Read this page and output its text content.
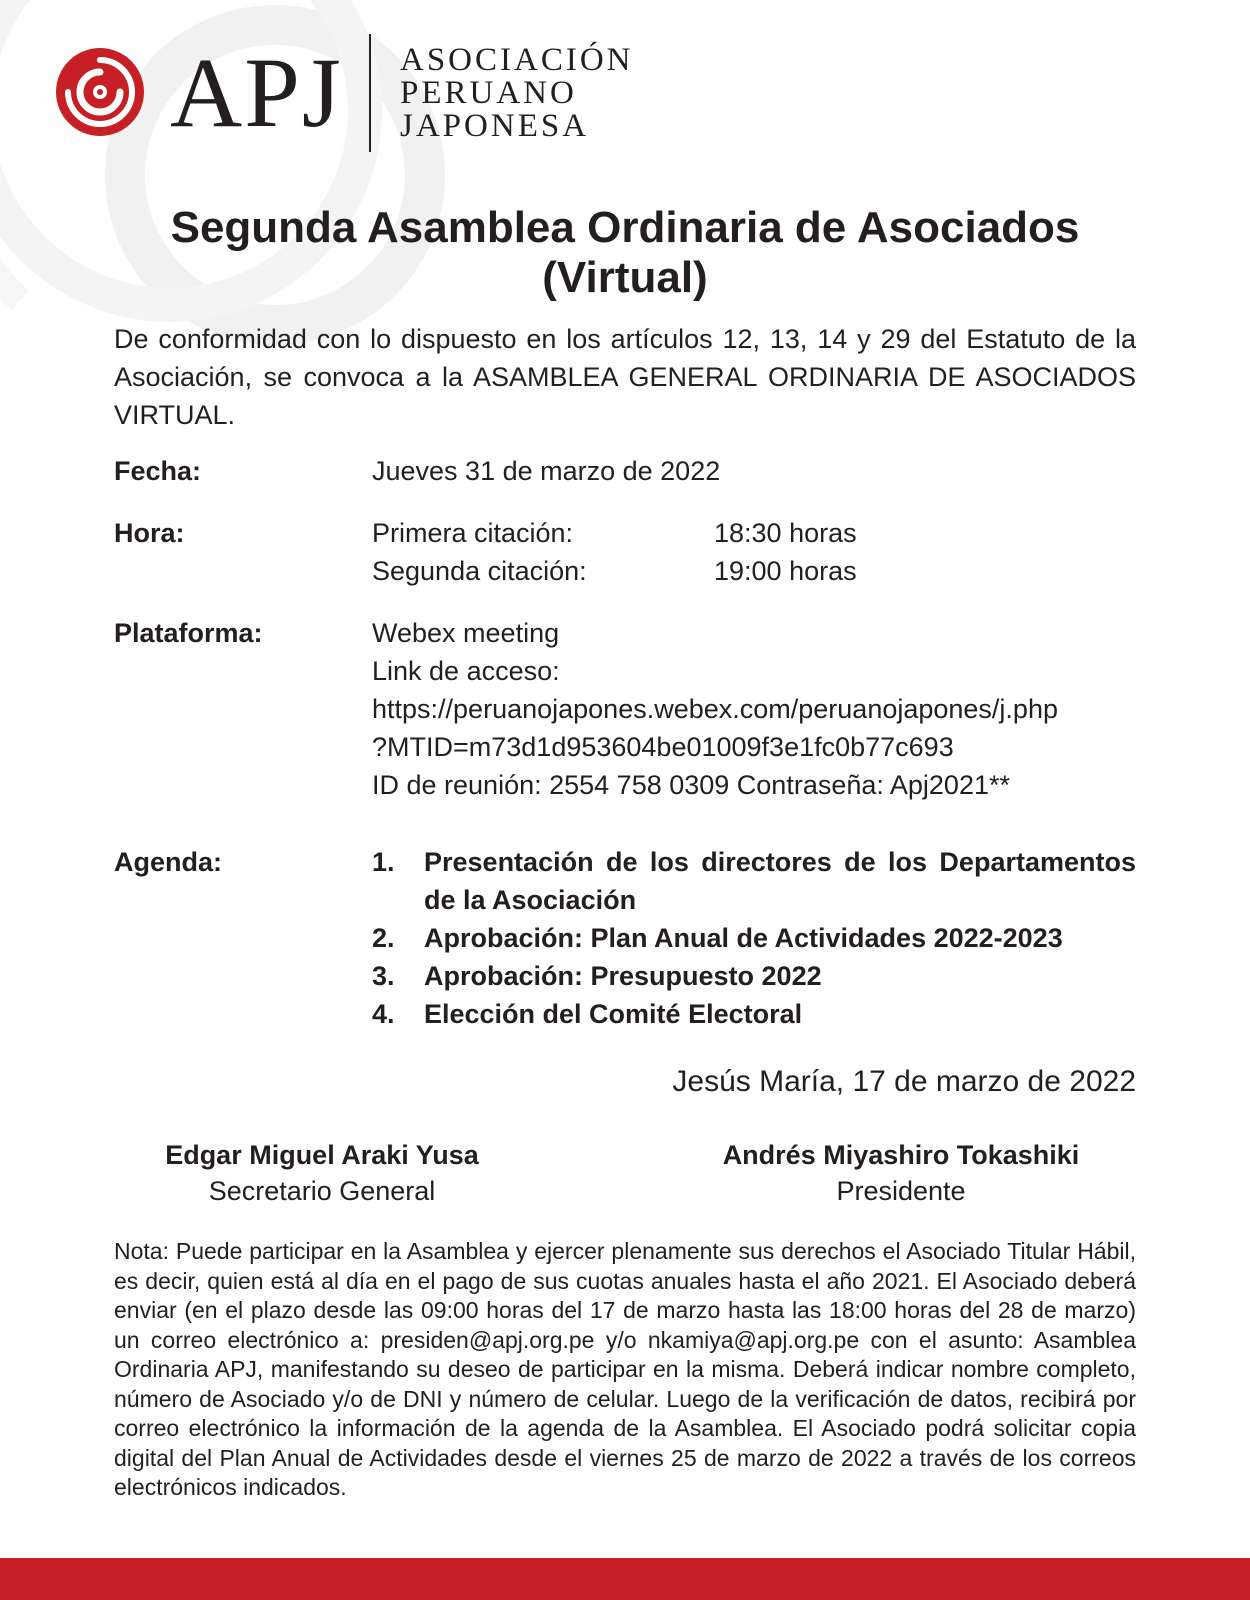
APJ ASOCIACIÓN
PERUANO
JAPONESA
Segunda Asamblea Ordinaria de Asociados
(Virtual)
De conformidad con lo dispuesto en los artículos 12, 13, 14 y 29 del Estatuto de la Asociación, se convoca a la ASAMBLEA GENERAL ORDINARIA DE ASOCIADOS VIRTUAL.
Fecha:	Jueves 31 de marzo de 2022
Hora:	Primera citación:	18:30 horas
Segunda citación:	19:00 horas
Plataforma:	Webex meeting
Link de acceso:
https://peruanojapones.webex.com/peruanojapones/j.php
?MTID=m73d1d953604be01009f3e1fc0b77c693
ID de reunión: 2554 758 0309 Contraseña: Apj2021**
Agenda:	1.	Presentación de los directores de los Departamentos de la Asociación
2.	Aprobación: Plan Anual de Actividades 2022-2023
3.	Aprobación: Presupuesto 2022
4.	Elección del Comité Electoral
Jesús María, 17 de marzo de 2022
Edgar Miguel Araki Yusa
Secretario General
Andrés Miyashiro Tokashiki
Presidente
Nota: Puede participar en la Asamblea y ejercer plenamente sus derechos el Asociado Titular Hábil, es decir, quien está al día en el pago de sus cuotas anuales hasta el año 2021. El Asociado deberá enviar (en el plazo desde las 09:00 horas del 17 de marzo hasta las 18:00 horas del 28 de marzo) un correo electrónico a: presiden@apj.org.pe y/o nkamiya@apj.org.pe con el asunto: Asamblea Ordinaria APJ, manifestando su deseo de participar en la misma. Deberá indicar nombre completo, número de Asociado y/o de DNI y número de celular. Luego de la verificación de datos, recibirá por correo electrónico la información de la agenda de la Asamblea. El Asociado podrá solicitar copia digital del Plan Anual de Actividades desde el viernes 25 de marzo de 2022 a través de los correos electrónicos indicados.
